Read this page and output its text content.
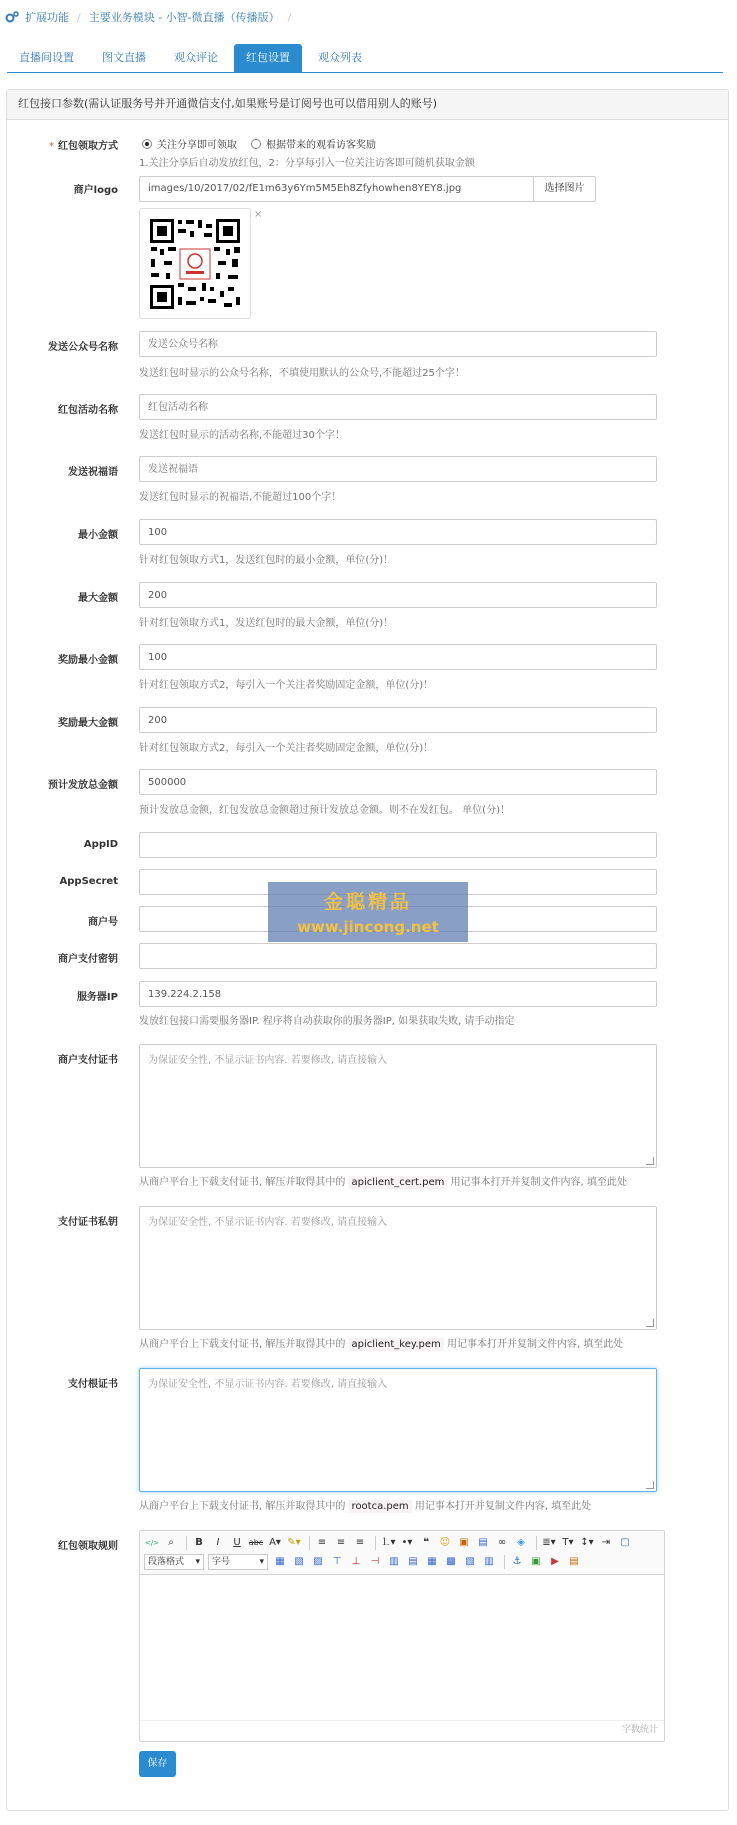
扩展功能 / 主要业务模块 - 小智-微直播（传播版） /
直播间设置	图文直播	观众评论	红包设置	观众列表
红包接口参数(需认证服务号并开通微信支付,如果账号是订阅号也可以借用别人的账号)
* 红包领取方式	关注分享即可领取	根据带来的观看访客奖励
1.关注分享后自动发放红包，2：分享每引入一位关注访客即可随机获取金额
商户logo	images/10/2017/02/fE1m63y6Ym5M5Eh8Zfyhowhen8YEY8.jpg	选择图片
×
发送公众号名称
发送公众号名称
发送红包时显示的公众号名称，不填使用默认的公众号,不能超过25个字！
红包活动名称
红包活动名称
发送红包时显示的活动名称,不能超过30个字！
发送祝福语
发送祝福语
发送红包时显示的祝福语,不能超过100个字！
最小金额
100
针对红包领取方式1，发送红包时的最小金额，单位(分)！
最大金额
200
针对红包领取方式1，发送红包时的最大金额，单位(分)！
奖励最小金额
100
针对红包领取方式2，每引入一个关注者奖励固定金额，单位(分)！
奖励最大金额
200
针对红包领取方式2，每引入一个关注者奖励固定金额，单位(分)！
预计发放总金额
500000
预计发放总金额，红包发放总金额超过预计发放总金额。则不在发红包。 单位(分)！
AppID
AppSecret
商户号
商户支付密钥
服务器IP
139.224.2.158
发放红包接口需要服务器IP. 程序将自动获取你的服务器IP, 如果获取失败, 请手动指定
金聪精品
www.jincong.net
商户支付证书	为保证安全性, 不显示证书内容. 若要修改, 请直接输入
从商户平台上下载支付证书, 解压并取得其中的 apiclient_cert.pem 用记事本打开并复制文件内容, 填至此处
支付证书私钥	为保证安全性, 不显示证书内容. 若要修改, 请直接输入
从商户平台上下载支付证书, 解压并取得其中的 apiclient_key.pem 用记事本打开并复制文件内容, 填至此处
支付根证书	为保证安全性, 不显示证书内容. 若要修改, 请直接输入
从商户平台上下载支付证书, 解压并取得其中的 rootca.pem 用记事本打开并复制文件内容, 填至此处
红包领取规则	</> ⌕	B	I	U	abc A▾ ✎▾	≡	≡	≡	⒈▾ •▾	❝	☺ ▣ ▤	∞	◈	≣▾ T▾ ↕▾ ⇥	▢
段落格式 ▾ 字号	▾	▦ ▧ ▨ ⊤	⊥	⊣ ▥ ▤ ▦ ▩ ▧ ▥	⚓ ▣	▶	▤
字数统计
保存
